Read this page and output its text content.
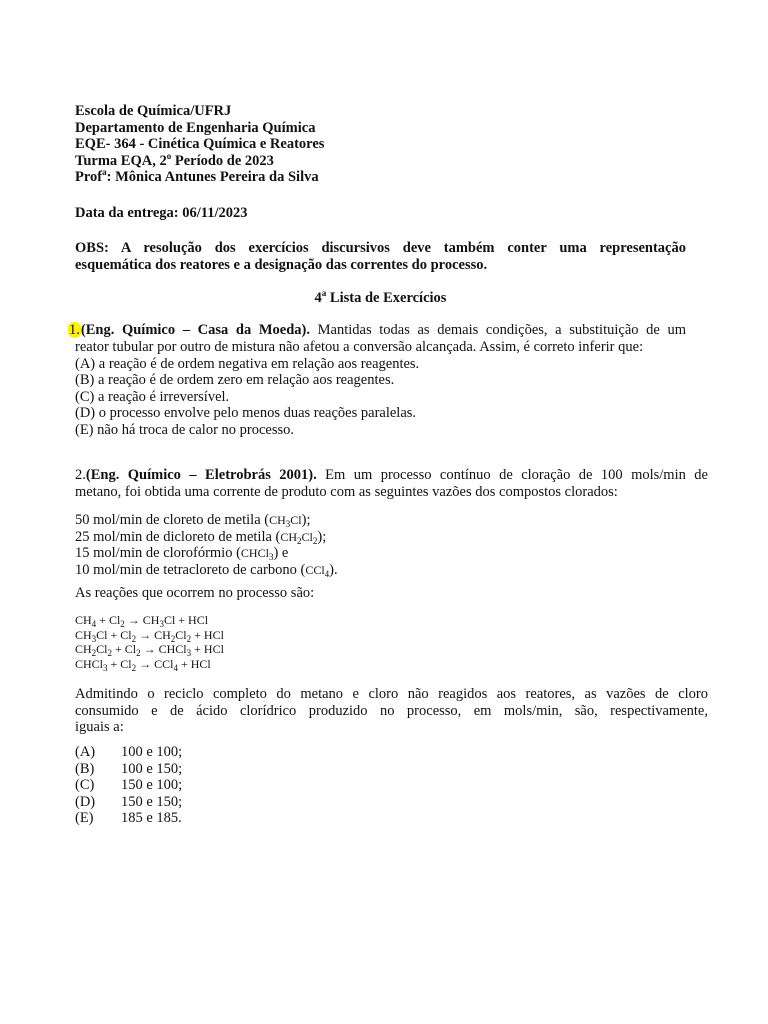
Escola de Química/UFRJ
Departamento de Engenharia Química
EQE- 364 - Cinética Química e Reatores
Turma EQA, 2$^o$ Período de 2023
Prof$^a$: Mônica Antunes Pereira da Silva
Data da entrega: 06/11/2023
OBS: A resolução dos exercícios discursivos deve também conter uma representação
esquemática dos reatores e a designação das correntes do processo.
4$^a$ Lista de Exercícios
1.(Eng. Químico – Casa da Moeda). Mantidas todas as demais condições, a substituição de um
reator tubular por outro de mistura não afetou a conversão alcançada. Assim, é correto inferir que:
(A) a reação é de ordem negativa em relação aos reagentes.
(B) a reação é de ordem zero em relação aos reagentes.
(C) a reação é irreversível.
(D) o processo envolve pelo menos duas reações paralelas.
(E) não há troca de calor no processo.
2.(Eng. Químico – Eletrobrás 2001). Em um processo contínuo de cloração de 100 mols/min de
metano, foi obtida uma corrente de produto com as seguintes vazões dos compostos clorados:
50 mol/min de cloreto de metila $(CH_3Cl)$;
25 mol/min de dicloreto de metila $(CH_2Cl_2)$;
15 mol/min de clorofórmio (CHCl$_3$) e
10 mol/min de tetracloreto de carbono (CCl$_4$).
As reações que ocorrem no processo são:
$CH_4 + Cl_2 \to CH_3Cl$ + HCl
$CH_3Cl + Cl_2 \to CH_2Cl_2$ + HCl
$CH_2Cl_2 + Cl_2$ → CHCl$_3$ + HCl
CHCl$_3$ + $Cl_2 \to CCl_4$ + HCl
Admitindo o reciclo completo do metano e cloro não reagidos aos reatores, as vazões de cloro
consumido e de ácido clorídrico produzido no processo, em mols/min, são, respectivamente,
iguais a:
(A) 100 e 100;
(B) 100 e 150;
(C) 150 e 100;
(D) 150 e 150;
(E) 185 e 185.
